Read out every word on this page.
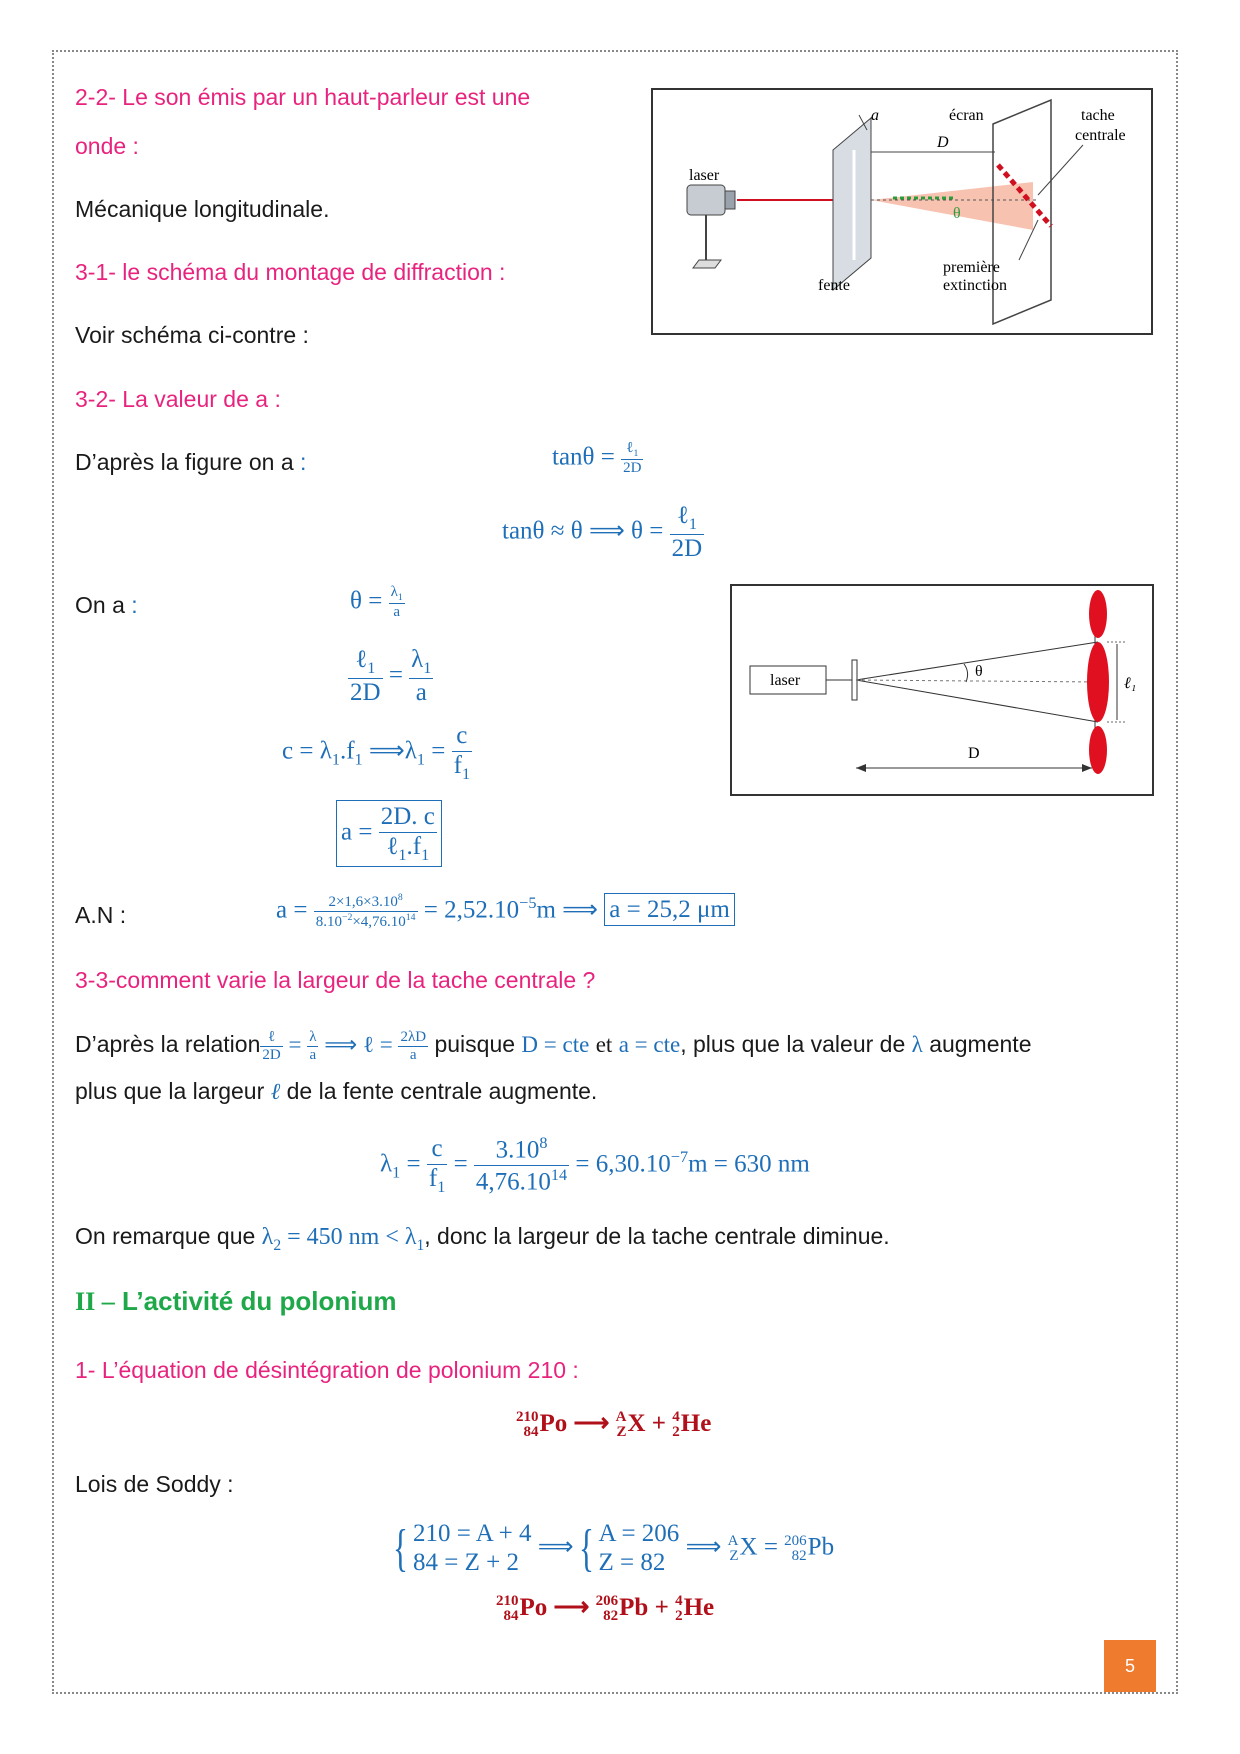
2-2- Le son émis par un haut-parleur est une
onde :
Mécanique longitudinale.
3-1- le schéma du montage de diffraction :
Voir schéma ci-contre :
laser
θ
D
a	écran	tache
centrale
fente
première
extinction
3-2- La valeur de a :
D’après la figure on a :	$\tan\theta = \frac{\ell_1}{2D}$
tanθ ≈ θ ⟹ $\theta = \frac{\ell_1}{2D}$
On a :	$\theta = \frac{\lambda_1}{a}$
$\frac{\ell_1}{2D} = \frac{\lambda_1}{a}$
$c = \lambda_1.f_1$ $⟹\lambda_1 = \frac{c}{f_1}$
$a = \frac{2D. c}{\ell_1.f_1}$
A.N :	$a = \frac{2\times 1,6\times 3.10^8}{8.10^{-2}\times 4,76.10^{14}} = 2,52.10^{-5}m$ ⟹ a = 25,2 μm
laser
θ
ℓ₁
D
3-3-comment varie la largeur de la tache centrale ?
D’après la relation $\frac{\text{ℓ}}{2D} = \frac{\lambda}{a}$ ⟹ ℓ = $\frac{2\lambda D}{a}$ puisque D = cte et a = cte, plus que la valeur de λ augmente
plus que la largeur ℓ de la fente centrale augmente.
$\lambda_1 = \frac{c}{f_1} = \frac{3.10^8}{4,76.10^{14}} = 6,30.10^{-7}m = 630$ nm
On remarque que $\lambda_2 = 450$ nm < $\lambda_1$, donc la largeur de la tache centrale diminue.
II – L’activité du polonium
1- L’équation de désintégration de polonium 210 :
210
84 Po ⟶ A
Z X + 4
2 He
Lois de Soddy :
{ 210 = A + 4
84 = Z + 2
⟹{ A = 206
Z = 82
⟹ A
Z X = 206
82 Pb
210
84 Po ⟶ 206
82 Pb + 4
2 He
5
